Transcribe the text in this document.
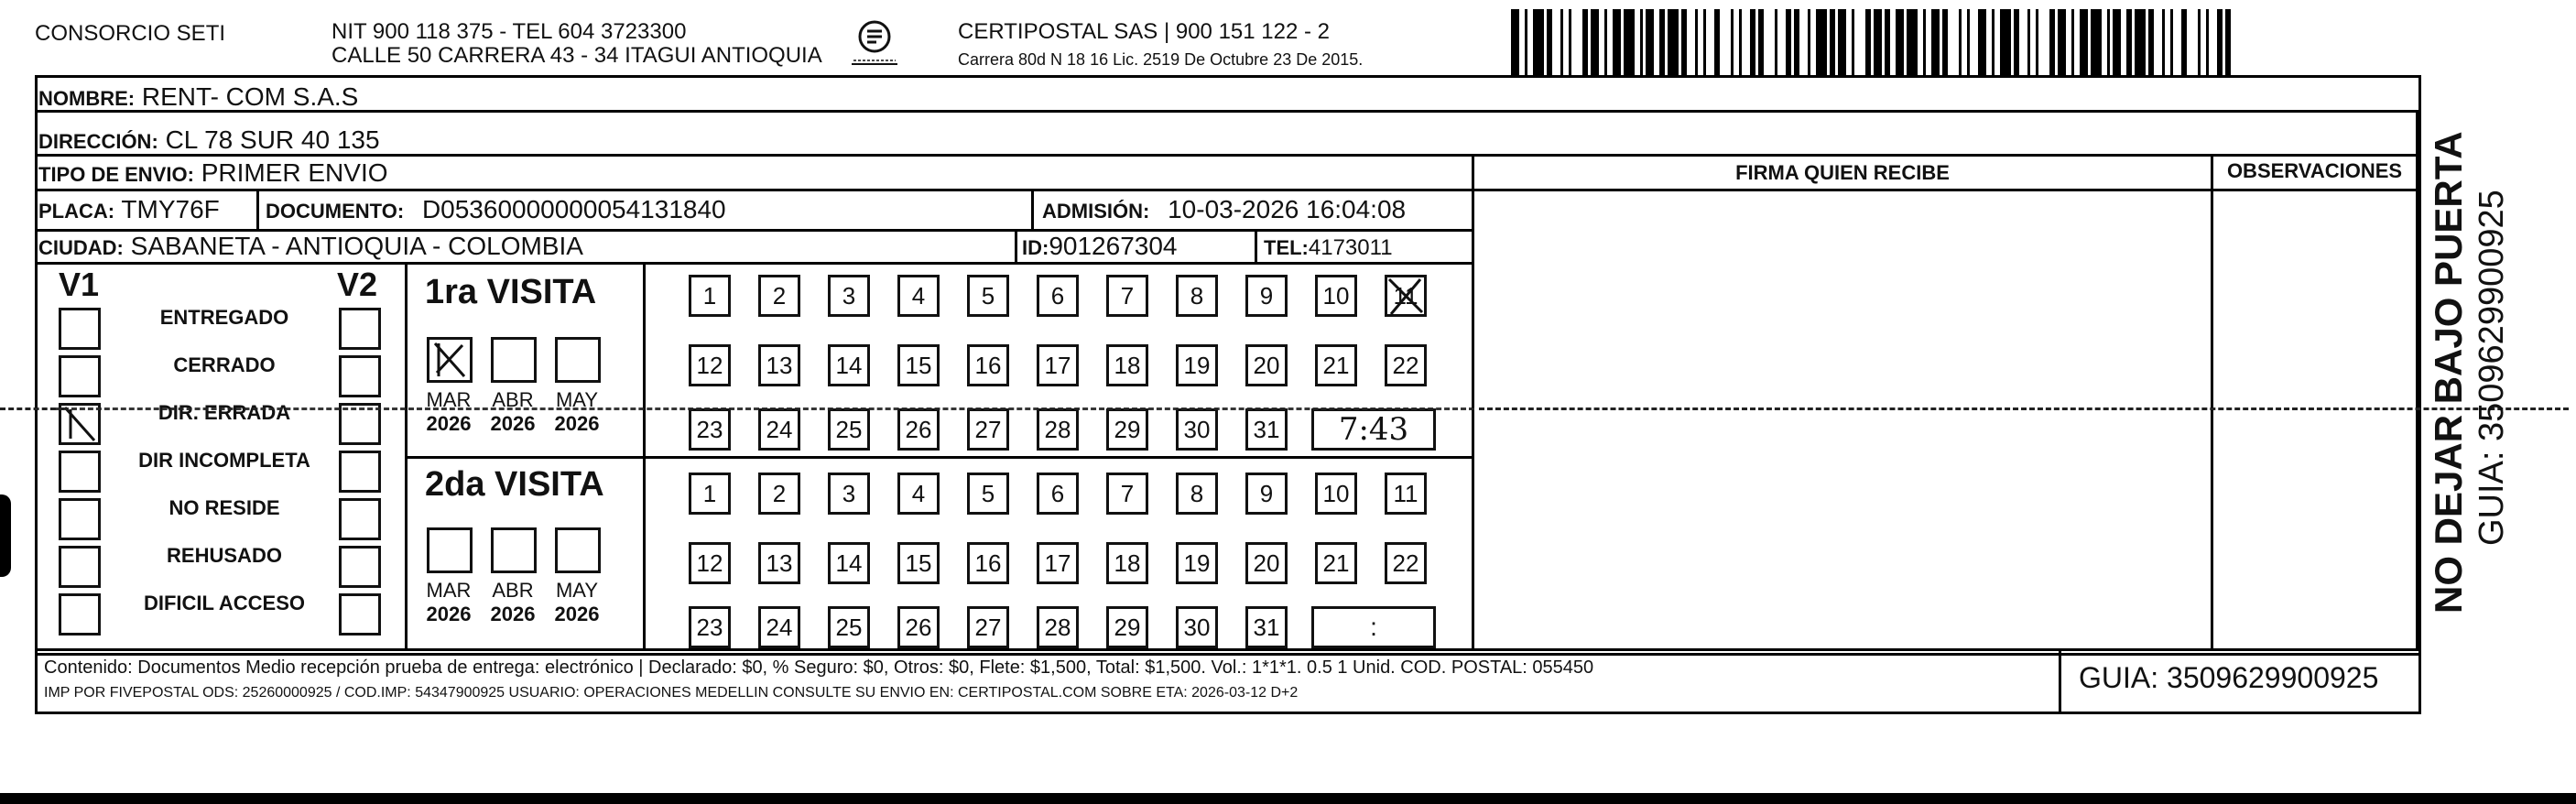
CONSORCIO SETI	NIT 900 118 375 - TEL 604 3723300
CALLE 50 CARRERA 43 - 34 ITAGUI ANTIOQUIA
CERTIPOSTAL SAS | 900 151 122 - 2
Carrera 80d N 18 16 Lic. 2519 De Octubre 23 De 2015.
NOMBRE: RENT- COM S.A.S
DIRECCIÓN: CL 78 SUR 40 135
TIPO DE ENVIO: PRIMER ENVIO
PLACA: TMY76F DOCUMENTO: D05360000000054131840	ADMISIÓN: 10-03-2026 16:04:08
CIUDAD: SABANETA - ANTIOQUIA - COLOMBIA	ID:901267304	TEL:4173011
FIRMA QUIEN RECIBE	OBSERVACIONES
V1	V2
ENTREGADO
CERRADO
DIR. ERRADA
DIR INCOMPLETA
NO RESIDE
REHUSADO
DIFICIL ACCESO
1ra VISITA
2da VISITA
MAR
2026
ABR
2026
MAY
2026
MAR
2026
ABR
2026
MAY
2026
1	2	3	4	5	6	7	8	9	10	11
12	13	14	15	16	17	18	19	20	21	22
23	24	25	26	27	28	29	30	31	7:43
1	2	3	4	5	6	7	8	9	10	11
12	13	14	15	16	17	18	19	20	21	22
23	24	25	26	27	28	29	30	31	:
Contenido: Documentos Medio recepción prueba de entrega: electrónico | Declarado: $0, % Seguro: $0, Otros: $0, Flete: $1,500, Total: $1,500. Vol.: 1*1*1. 0.5 1 Unid. COD. POSTAL: 055450
IMP POR FIVEPOSTAL ODS: 25260000925 / COD.IMP: 54347900925 USUARIO: OPERACIONES MEDELLIN CONSULTE SU ENVIO EN: CERTIPOSTAL.COM SOBRE ETA: 2026-03-12 D+2	GUIA: 3509629900925
NO DEJAR BAJO PUERTA GUIA: 3509629900925
